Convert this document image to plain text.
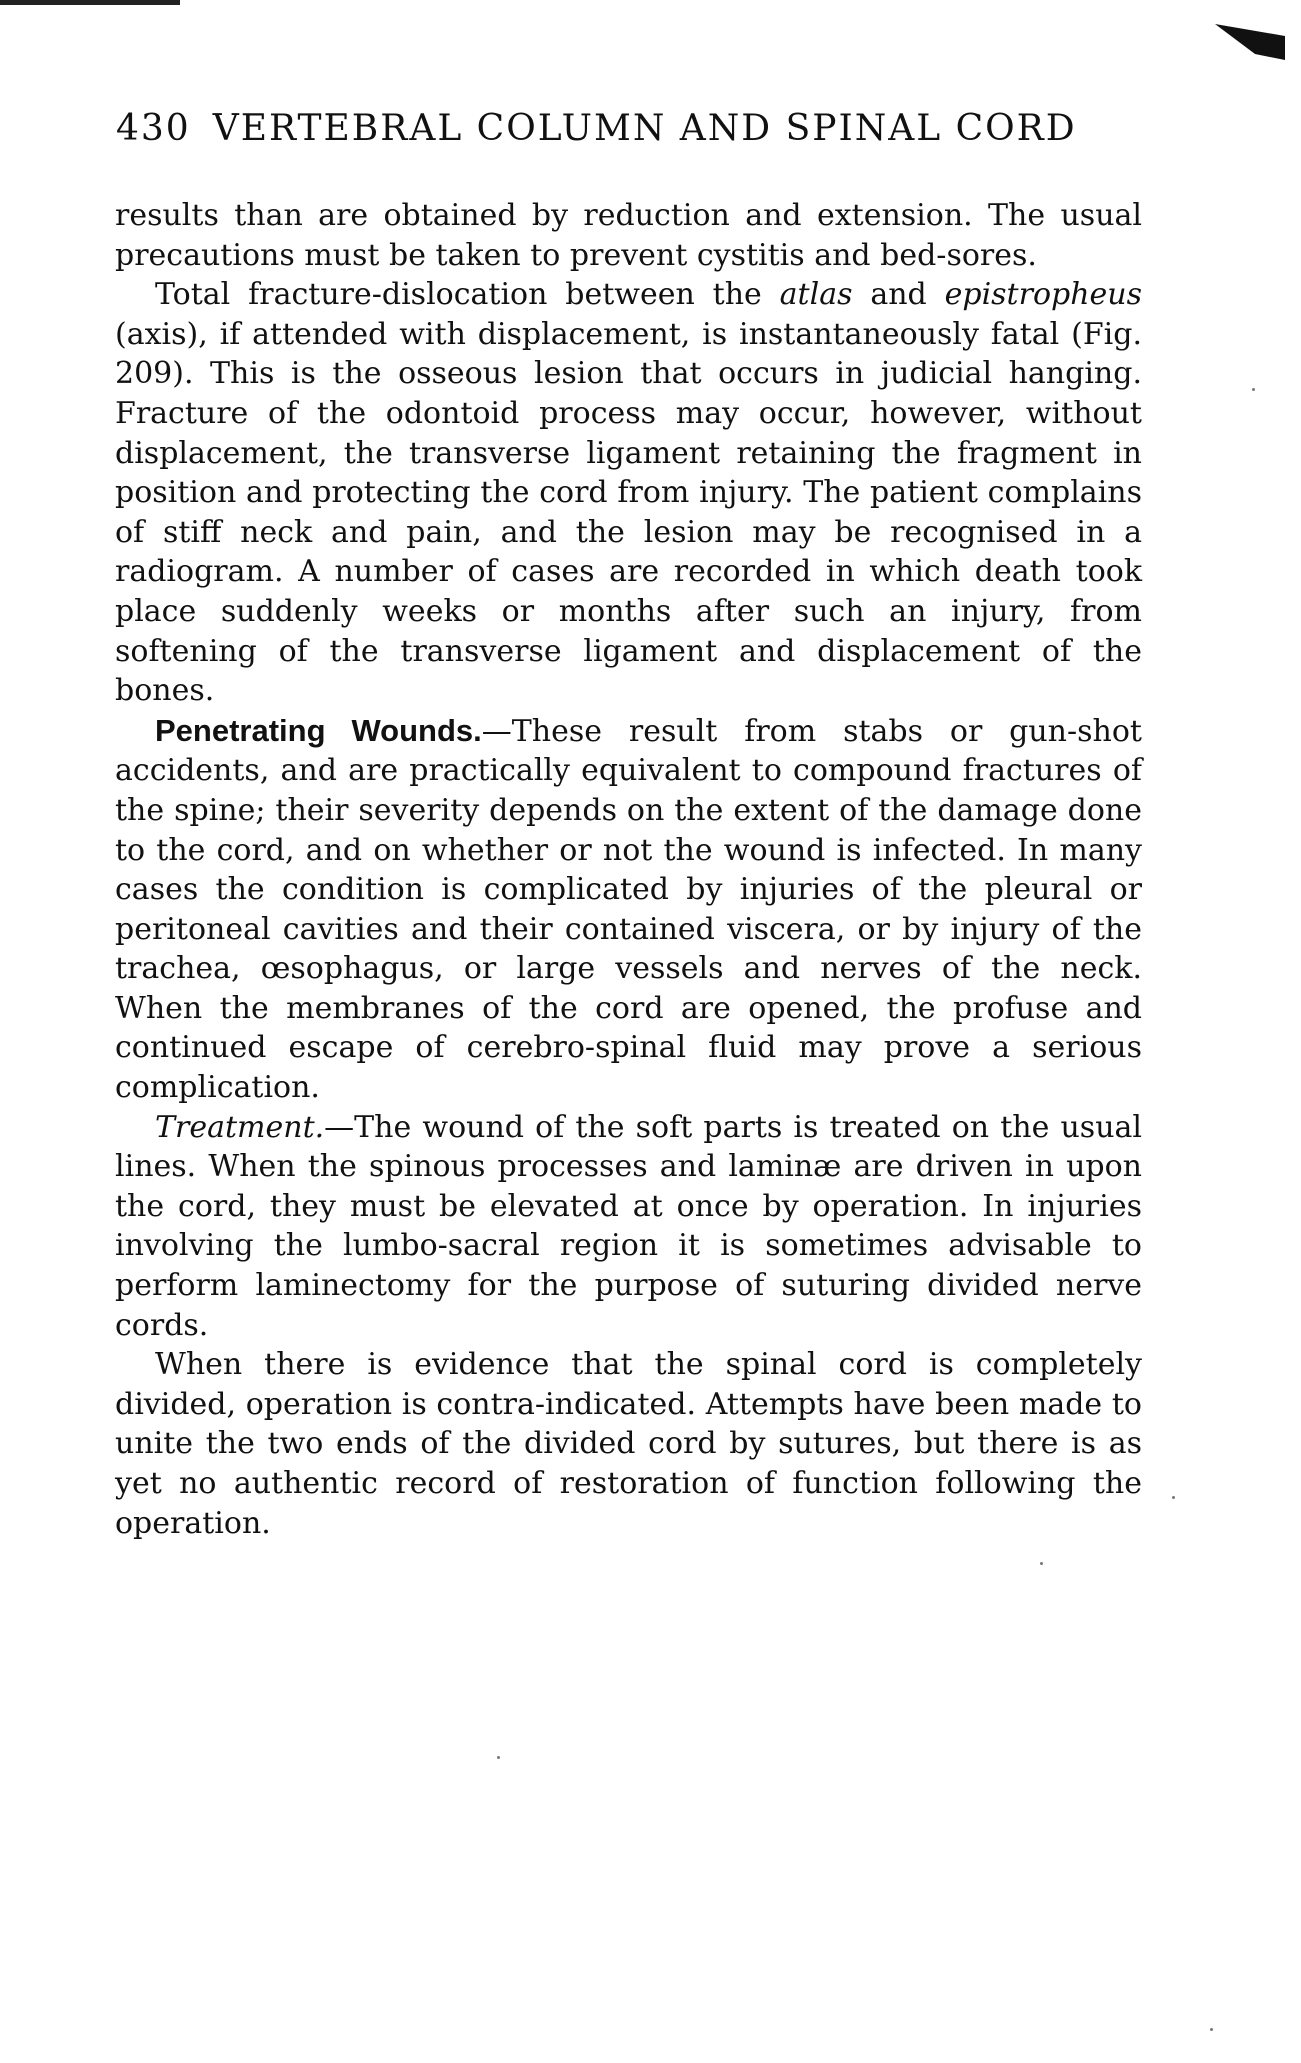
430 VERTEBRAL COLUMN AND SPINAL CORD

results than are obtained by reduction and extension. The usual precautions must be taken to prevent cystitis and bed-sores.

Total fracture-dislocation between the atlas and epistropheus (axis), if attended with displacement, is instantaneously fatal (Fig. 209). This is the osseous lesion that occurs in judicial hanging. Fracture of the odontoid process may occur, however, without displacement, the transverse ligament retaining the fragment in position and protecting the cord from injury. The patient complains of stiff neck and pain, and the lesion may be recognised in a radiogram. A number of cases are recorded in which death took place suddenly weeks or months after such an injury, from softening of the transverse ligament and displacement of the bones.

Penetrating Wounds.—These result from stabs or gun-shot accidents, and are practically equivalent to compound fractures of the spine; their severity depends on the extent of the damage done to the cord, and on whether or not the wound is infected. In many cases the condition is complicated by injuries of the pleural or peritoneal cavities and their contained viscera, or by injury of the trachea, œsophagus, or large vessels and nerves of the neck. When the membranes of the cord are opened, the profuse and continued escape of cerebro-spinal fluid may prove a serious complication.

Treatment.—The wound of the soft parts is treated on the usual lines. When the spinous processes and laminæ are driven in upon the cord, they must be elevated at once by operation. In injuries involving the lumbo-sacral region it is sometimes advisable to perform laminectomy for the purpose of suturing divided nerve cords.

When there is evidence that the spinal cord is completely divided, operation is contra-indicated. Attempts have been made to unite the two ends of the divided cord by sutures, but there is as yet no authentic record of restoration of function following the operation.
